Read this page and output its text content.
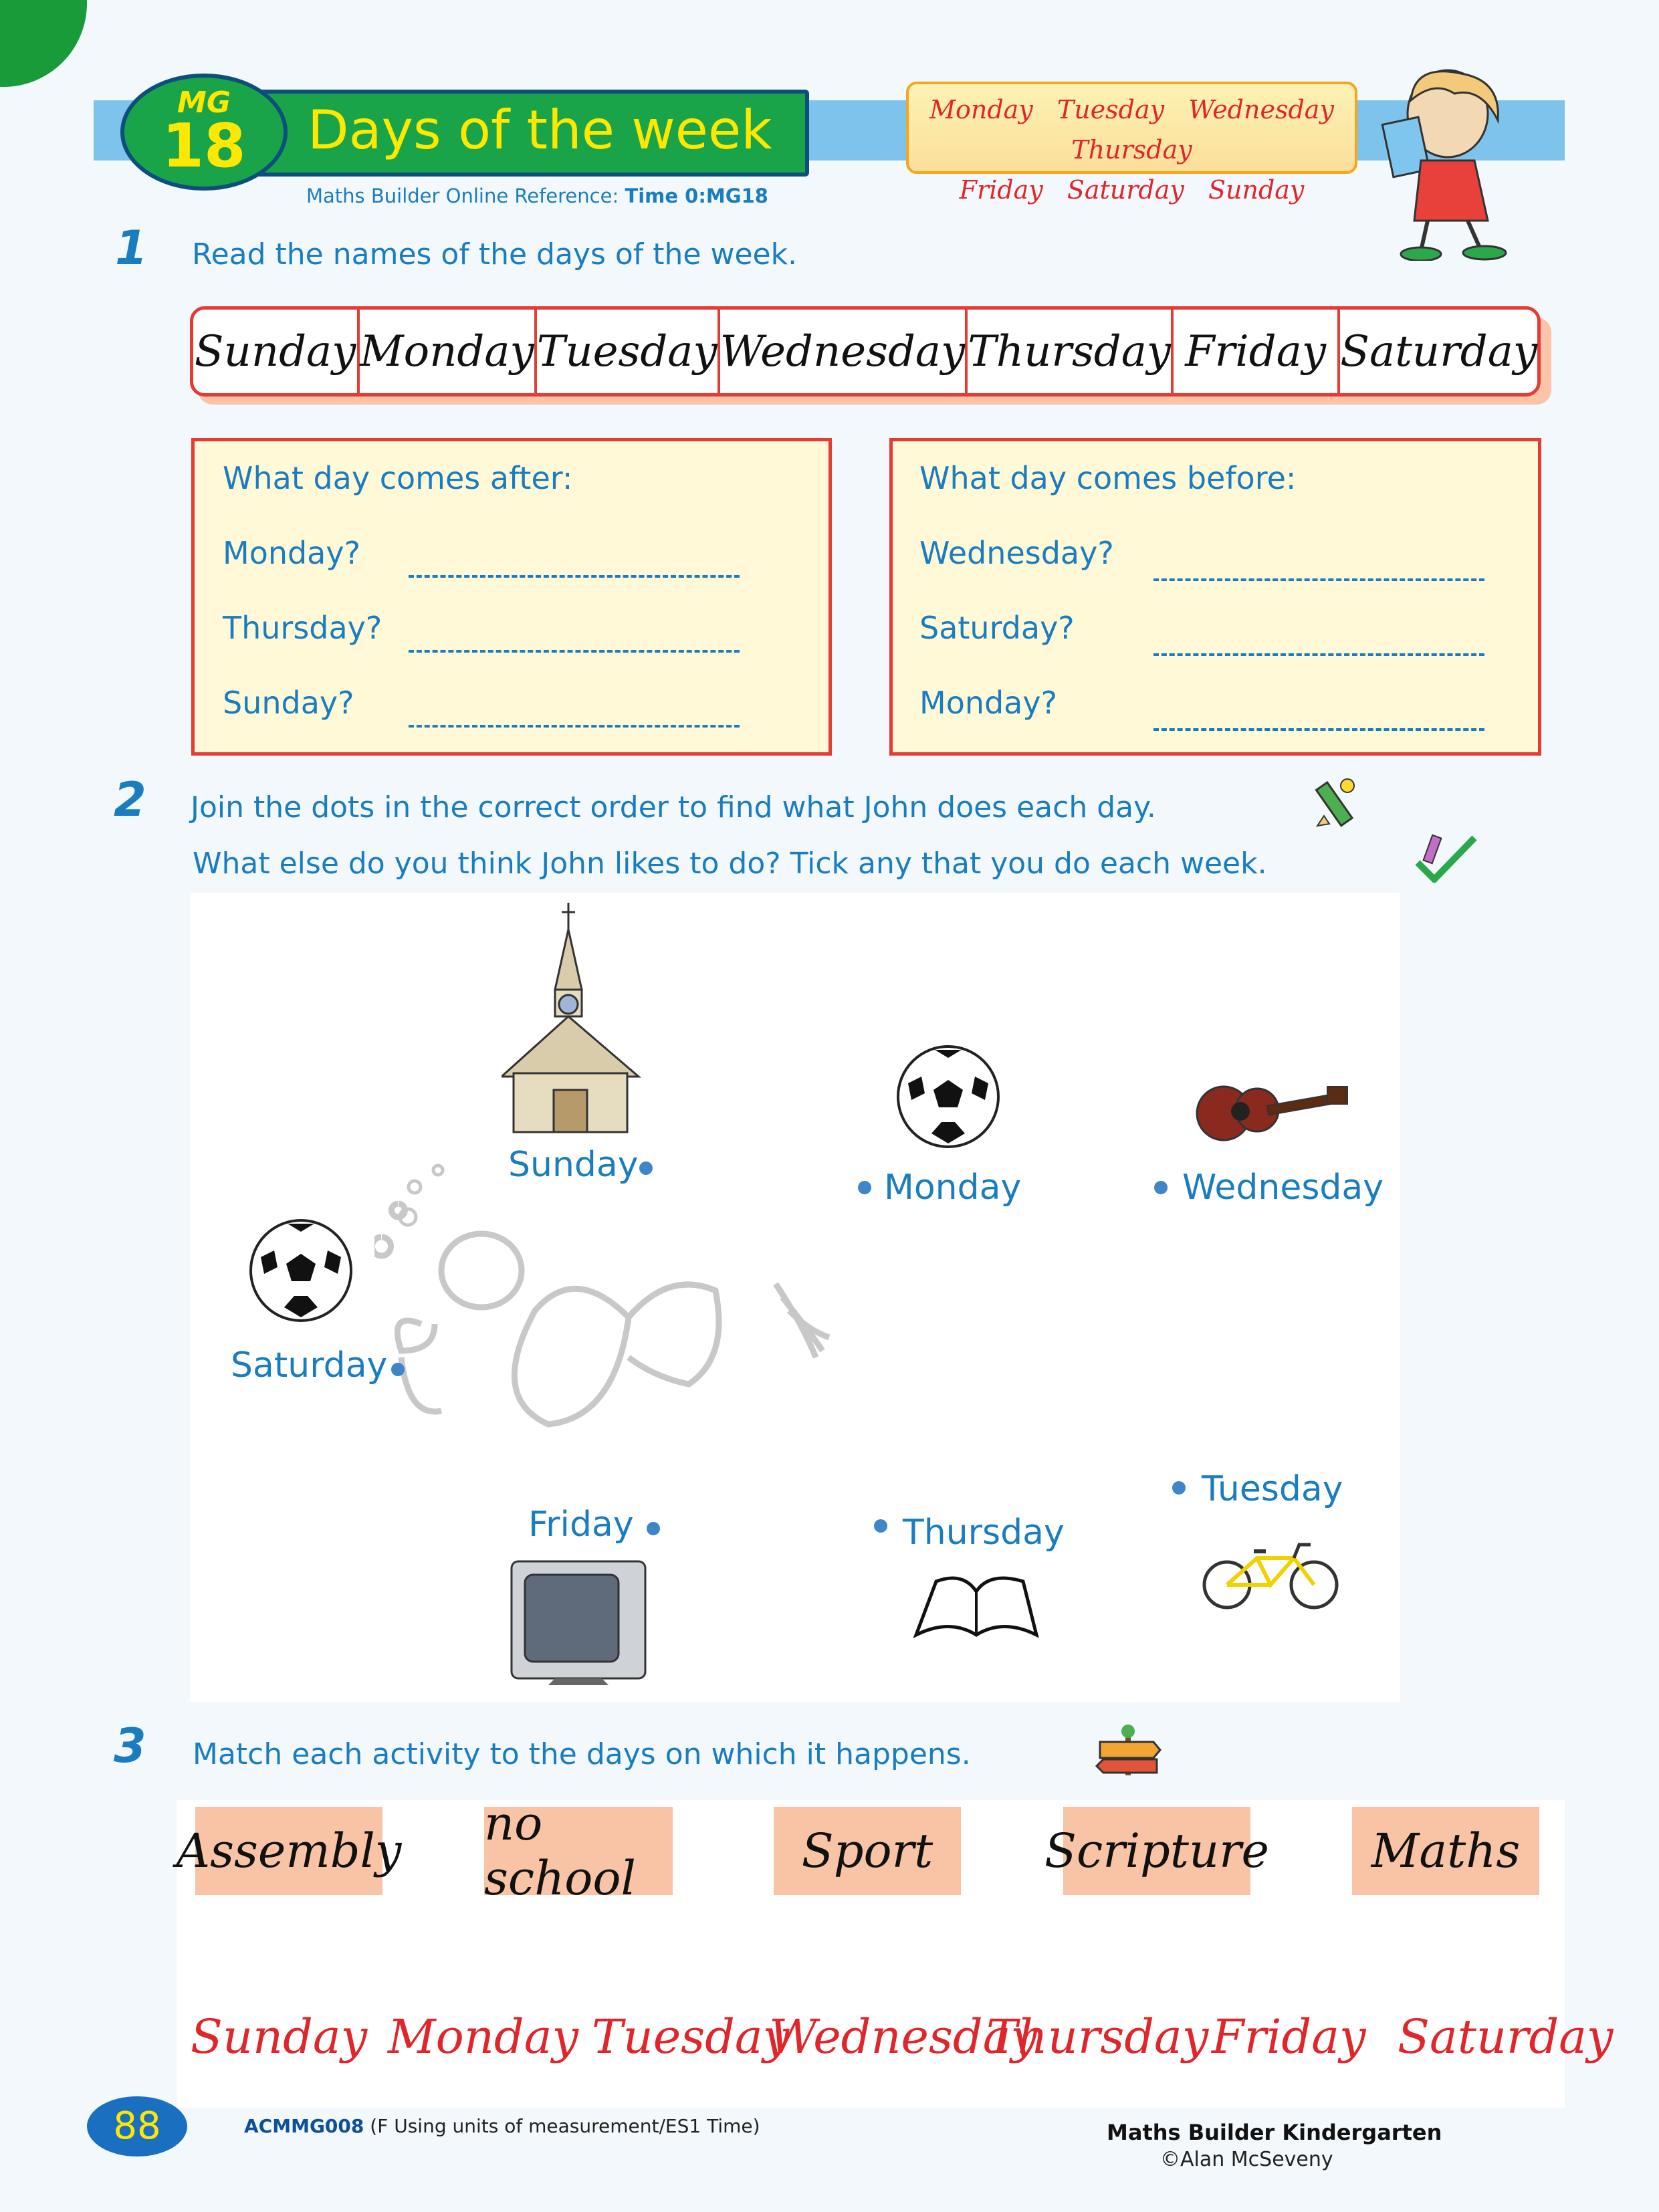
MG
18	Days of the week
Maths Builder Online Reference: Time 0:MG18
Monday Tuesday Wednesday Thursday
Friday Saturday Sunday
1 Read the names of the days of the week.
Sunday Monday Tuesday Wednesday Thursday Friday Saturday
What day comes after:
Monday?
Thursday?
Sunday?
What day comes before:
Wednesday?
Saturday?
Monday?
2 Join the dots in the correct order to find what John does each day.
What else do you think John likes to do? Tick any that you do each week.
Sunday
Monday	Wednesday
Saturday
Friday	Thursday
Tuesday
3 Match each activity to the days on which it happens.
Assembly no school	Sport	Scripture	Maths
Sunday Monday Tuesday
Wednesday
Thursday Friday Saturday
88	ACMMG008 (F Using units of measurement/ES1 Time)	Maths Builder Kindergarten
©Alan McSeveny
